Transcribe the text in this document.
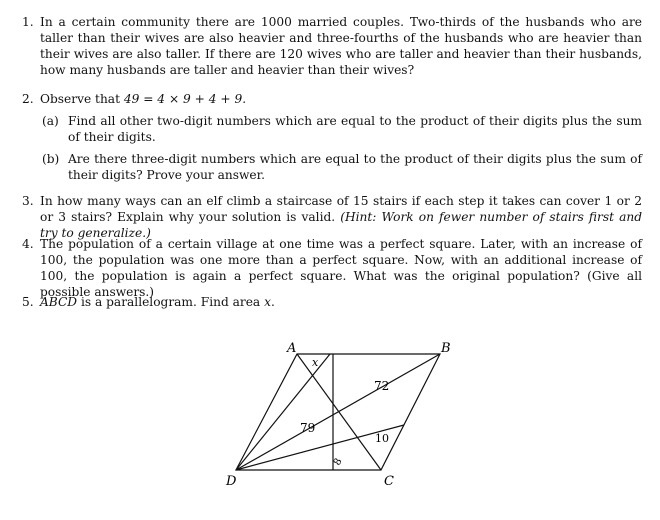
1. In a certain community there are 1000 married couples. Two-thirds of the husbands who are taller than their wives are also heavier and three-fourths of the husbands who are heavier than their wives are also taller. If there are 120 wives who are taller and heavier than their husbands, how many husbands are taller and heavier than their wives?
2. Observe that 49 = 4 × 9 + 4 + 9.
(a) Find all other two-digit numbers which are equal to the product of their digits plus the sum of their digits.
(b) Are there three-digit numbers which are equal to the product of their digits plus the sum of their digits? Prove your answer.
3. In how many ways can an elf climb a staircase of 15 stairs if each step it takes can cover 1 or 2 or 3 stairs? Explain why your solution is valid. (Hint: Work on fewer number of stairs first and try to generalize.)
4. The population of a certain village at one time was a perfect square. Later, with an increase of 100, the population was one more than a perfect square. Now, with an additional increase of 100, the population is again a perfect square. What was the original population? (Give all possible answers.)
5. ABCD is a parallelogram. Find area x.
A	B
C
D
x
72
79
10
8
